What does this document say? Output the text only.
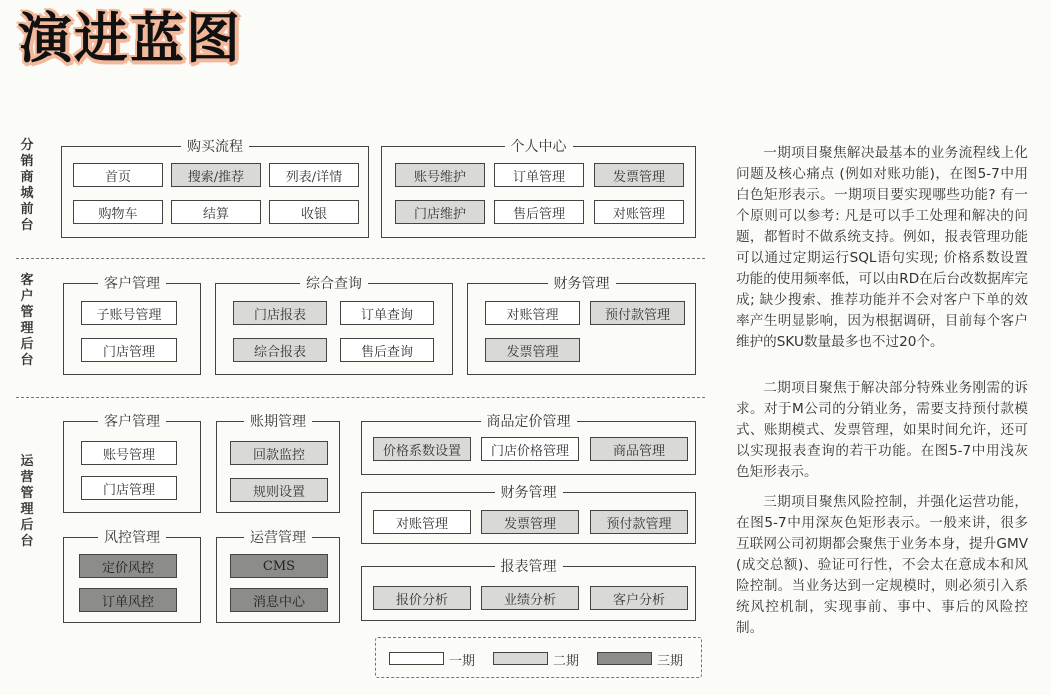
演进蓝图
分
销
商
城
前
台
客
户
管
理
后
台
运
营
管
理
后
台
购买流程
首页	搜索/推荐	列表/详情
购物车	结算	收银
个人中心
账号维护	订单管理	发票管理
门店维护	售后管理	对账管理
客户管理
子账号管理
门店管理
综合查询
门店报表	订单查询
综合报表	售后查询
财务管理
对账管理	预付款管理
发票管理
客户管理
账号管理
门店管理
账期管理
回款监控
规则设置
商品定价管理
价格系数设置	门店价格管理	商品管理
财务管理
对账管理	发票管理	预付款管理
风控管理
定价风控
订单风控
运营管理
CMS
消息中心
报表管理
报价分析	业绩分析	客户分析
一期	二期	三期

一期项目聚焦解决最基本的业务流程线上化问题及核心痛点 (例如对账功能)，在图5-7中用白色矩形表示。一期项目要实现哪些功能? 有一个原则可以参考: 凡是可以手工处理和解决的问题，都暂时不做系统支持。例如，报表管理功能可以通过定期运行SQL语句实现; 价格系数设置功能的使用频率低，可以由RD在后台改数据库完成; 缺少搜索、推荐功能并不会对客户下单的效率产生明显影响，因为根据调研，目前每个客户维护的SKU数量最多也不过20个。

二期项目聚焦于解决部分特殊业务刚需的诉求。对于M公司的分销业务，需要支持预付款模式、账期模式、发票管理，如果时间允许，还可以实现报表查询的若干功能。在图5-7中用浅灰色矩形表示。

三期项目聚焦风险控制，并强化运营功能，在图5-7中用深灰色矩形表示。一般来讲，很多互联网公司初期都会聚焦于业务本身，提升GMV (成交总额)、验证可行性，不会太在意成本和风险控制。当业务达到一定规模时，则必须引入系统风控机制，实现事前、事中、事后的风险控制。
